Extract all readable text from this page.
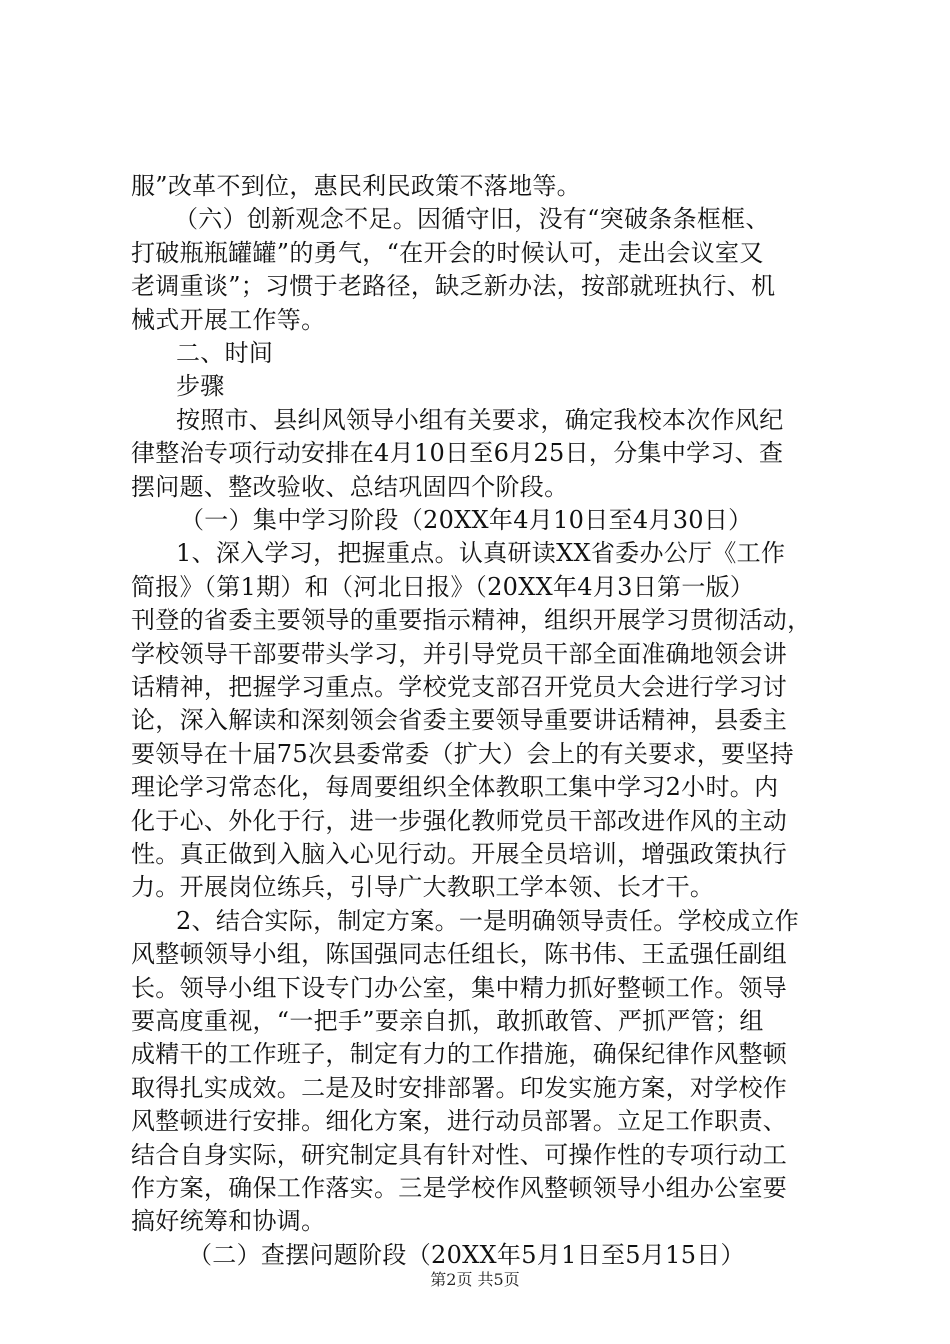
服”改革不到位，惠民利民政策不落地等。
（六）创新观念不足。因循守旧，没有“突破条条框框、
打破瓶瓶罐罐”的勇气，“在开会的时候认可，走出会议室又
老调重谈”；习惯于老路径，缺乏新办法，按部就班执行、机
械式开展工作等。
二、时间
步骤
按照市、县纠风领导小组有关要求，确定我校本次作风纪
律整治专项行动安排在4月10日至6月25日，分集中学习、查
摆问题、整改验收、总结巩固四个阶段。
（一）集中学习阶段（20XX年4月10日至4月30日）
1、深入学习，把握重点。认真研读XX省委办公厅《工作
简报》（第1期）和（河北日报》（20XX年4月3日第一版）
刊登的省委主要领导的重要指示精神，组织开展学习贯彻活动，
学校领导干部要带头学习，并引导党员干部全面准确地领会讲
话精神，把握学习重点。学校党支部召开党员大会进行学习讨
论，深入解读和深刻领会省委主要领导重要讲话精神，县委主
要领导在十届75次县委常委（扩大）会上的有关要求，要坚持
理论学习常态化，每周要组织全体教职工集中学习2小时。内
化于心、外化于行，进一步强化教师党员干部改进作风的主动
性。真正做到入脑入心见行动。开展全员培训，增强政策执行
力。开展岗位练兵，引导广大教职工学本领、长才干。
2、结合实际，制定方案。一是明确领导责任。学校成立作
风整顿领导小组，陈国强同志任组长，陈书伟、王孟强任副组
长。领导小组下设专门办公室，集中精力抓好整顿工作。领导
要高度重视，“一把手”要亲自抓，敢抓敢管、严抓严管；组
成精干的工作班子，制定有力的工作措施，确保纪律作风整顿
取得扎实成效。二是及时安排部署。印发实施方案，对学校作
风整顿进行安排。细化方案，进行动员部署。立足工作职责、
结合自身实际，研究制定具有针对性、可操作性的专项行动工
作方案，确保工作落实。三是学校作风整顿领导小组办公室要
搞好统筹和协调。
（二）查摆问题阶段（20XX年5月1日至5月15日）
第2页 共5页
